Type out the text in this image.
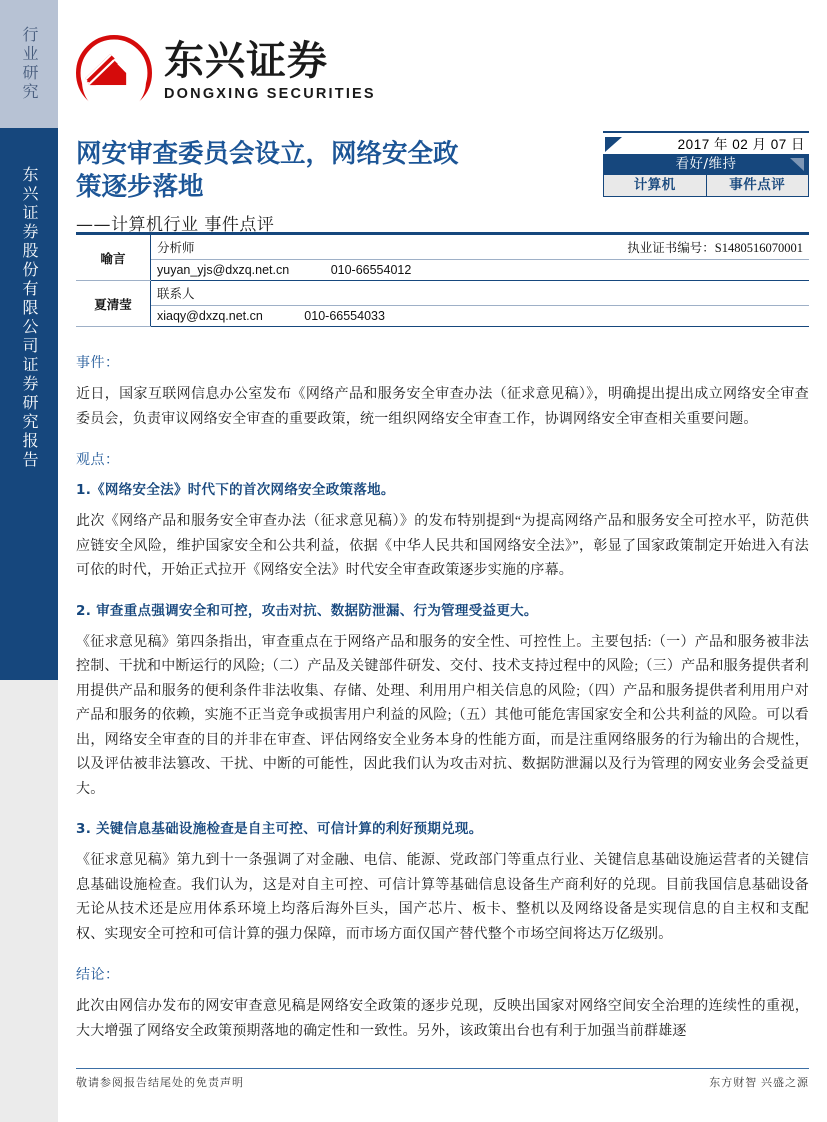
行业研究
东兴证券股份有限公司证券研究报告
东兴证券
DONGXING SECURITIES
网安审查委员会设立，网络安全政
策逐步落地
——计算机行业 事件点评
2017 年 02 月 07 日
看好/维持
计算机	事件点评
喻言	分析师	执业证书编号：S1480516070001
	yuyan_yjs@dxzq.net.cn 010-66554012	
夏清莹	联系人	
	xiaqy@dxzq.net.cn 010-66554033	
事件：

近日，国家互联网信息办公室发布《网络产品和服务安全审查办法（征求意见稿）》，明确提出提出成立网络安全审查委员会，负责审议网络安全审查的重要政策，统一组织网络安全审查工作，协调网络安全审查相关重要问题。

观点：
1.《网络安全法》时代下的首次网络安全政策落地。

此次《网络产品和服务安全审查办法（征求意见稿）》的发布特别提到“为提高网络产品和服务安全可控水平，防范供应链安全风险，维护国家安全和公共利益，依据《中华人民共和国网络安全法》”，彰显了国家政策制定开始进入有法可依的时代，开始正式拉开《网络安全法》时代安全审查政策逐步实施的序幕。

2. 审查重点强调安全和可控，攻击对抗、数据防泄漏、行为管理受益更大。

《征求意见稿》第四条指出，审查重点在于网络产品和服务的安全性、可控性上。主要包括:（一）产品和服务被非法控制、干扰和中断运行的风险;（二）产品及关键部件研发、交付、技术支持过程中的风险;（三）产品和服务提供者利用提供产品和服务的便利条件非法收集、存储、处理、利用用户相关信息的风险;（四）产品和服务提供者利用用户对产品和服务的依赖，实施不正当竞争或损害用户利益的风险;（五）其他可能危害国家安全和公共利益的风险。可以看出，网络安全审查的目的并非在审查、评估网络安全业务本身的性能方面，而是注重网络服务的行为输出的合规性，以及评估被非法篡改、干扰、中断的可能性，因此我们认为攻击对抗、数据防泄漏以及行为管理的网安业务会受益更大。

3. 关键信息基础设施检查是自主可控、可信计算的利好预期兑现。

《征求意见稿》第九到十一条强调了对金融、电信、能源、党政部门等重点行业、关键信息基础设施运营者的关键信息基础设施检查。我们认为，这是对自主可控、可信计算等基础信息设备生产商利好的兑现。目前我国信息基础设备无论从技术还是应用体系环境上均落后海外巨头，国产芯片、板卡、整机以及网络设备是实现信息的自主权和支配权、实现安全可控和可信计算的强力保障，而市场方面仅国产替代整个市场空间将达万亿级别。

结论：

此次由网信办发布的网安审查意见稿是网络安全政策的逐步兑现，反映出国家对网络空间安全治理的连续性的重视，大大增强了网络安全政策预期落地的确定性和一致性。另外，该政策出台也有利于加强当前群雄逐

敬请参阅报告结尾处的免责声明	东方财智 兴盛之源
